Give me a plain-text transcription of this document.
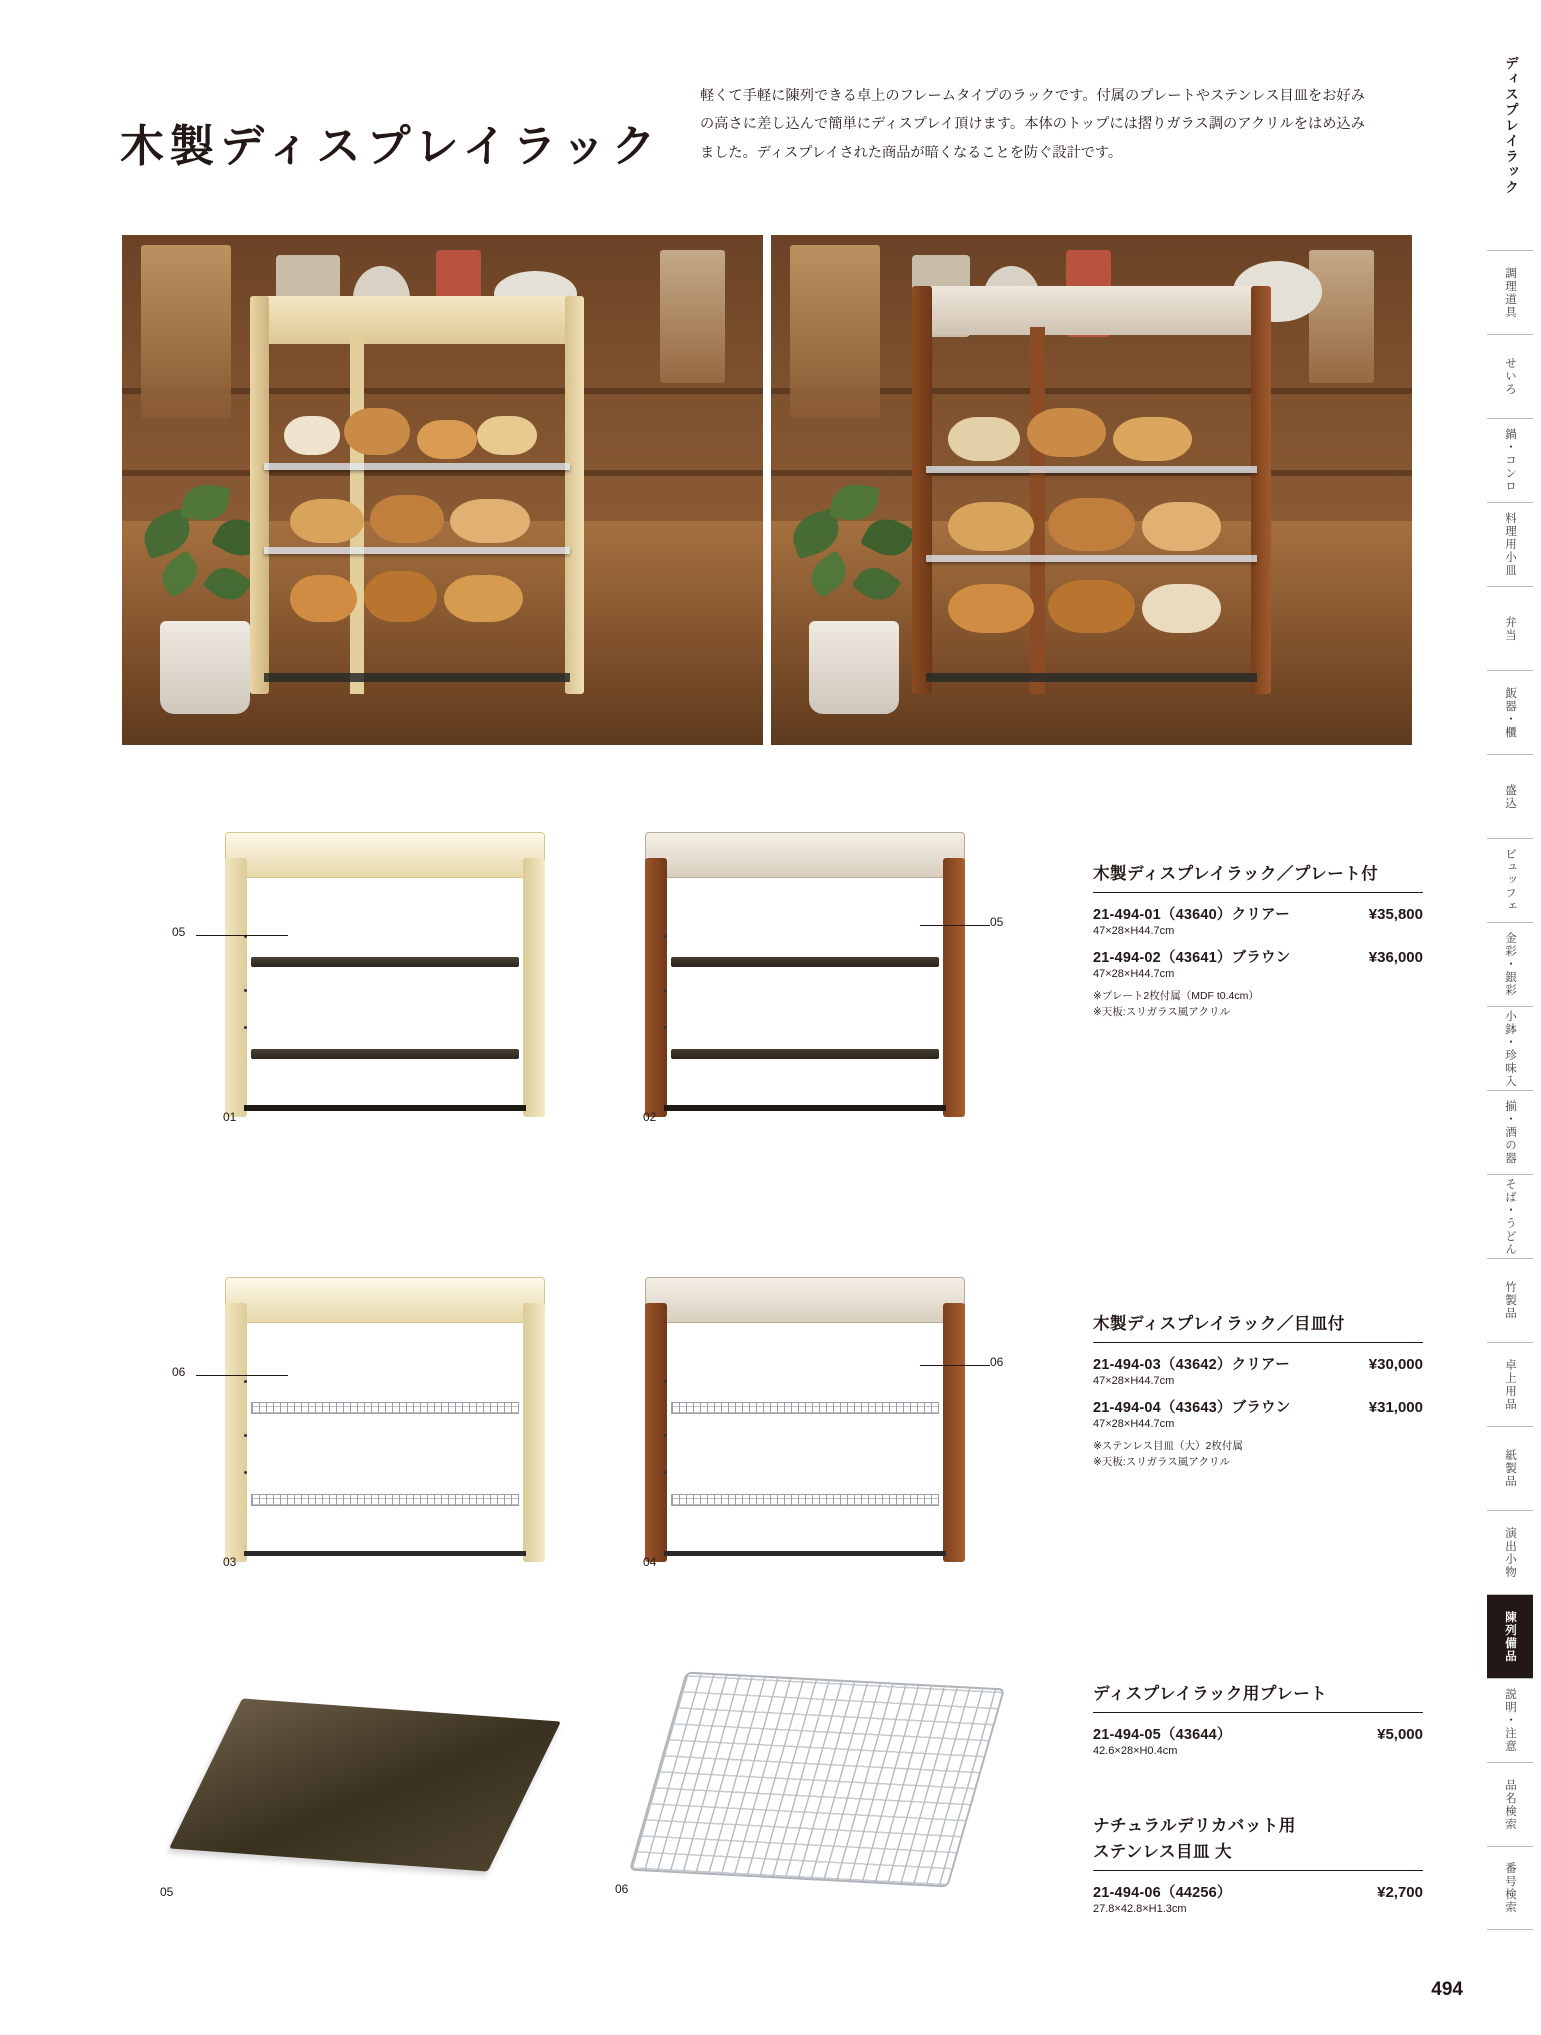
木製ディスプレイラック
軽くて手軽に陳列できる卓上のフレームタイプのラックです。付属のプレートやステンレス目皿をお好みの高さに差し込んで簡単にディスプレイ頂けます。本体のトップには摺りガラス調のアクリルをはめ込みました。ディスプレイされた商品が暗くなることを防ぐ設計です。
01
05
02
05
木製ディスプレイラック／プレート付
21-494-01（43640）クリアー	¥35,800
47×28×H44.7cm
21-494-02（43641）ブラウン	¥36,000
47×28×H44.7cm
※プレート2枚付属（MDF t0.4cm）
※天板:スリガラス風アクリル
03
06
04
06
木製ディスプレイラック／目皿付
21-494-03（43642）クリアー	¥30,000
47×28×H44.7cm
21-494-04（43643）ブラウン	¥31,000
47×28×H44.7cm
※ステンレス目皿（大）2枚付属
※天板:スリガラス風アクリル
05	06
ディスプレイラック用プレート
21-494-05（43644）	¥5,000
42.6×28×H0.4cm
ナチュラルデリカバット用
ステンレス目皿 大
21-494-06（44256）	¥2,700
27.8×42.8×H1.3cm
ディスプレイラック
調理道具
せいろ
鍋・コンロ
料理用小皿
弁当
飯器・櫃
盛込
ビュッフェ
金彩・銀彩
小鉢・珍味入
揃・酒の器
そば・うどん
竹製品
卓上用品
紙製品
演出小物
陳列備品
説明・注意
品名検索
番号検索
494
